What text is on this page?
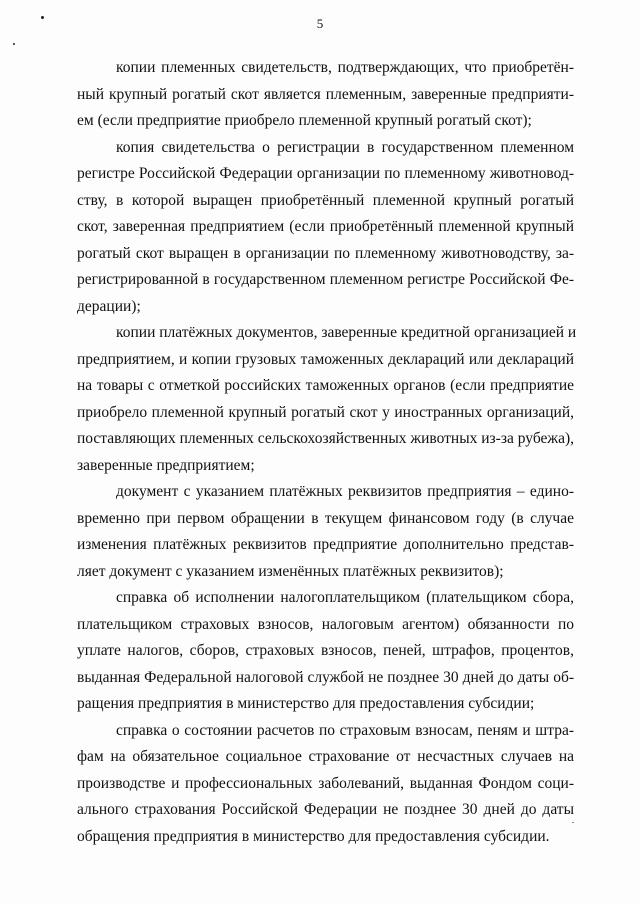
5

копии племенных свидетельств, подтверждающих, что приобретён-
ный крупный рогатый скот является племенным, заверенные предприяти-
ем (если предприятие приобрело племенной крупный рогатый скот);

копия свидетельства о регистрации в государственном племенном
регистре Российской Федерации организации по племенному животновод-
ству, в которой выращен приобретённый племенной крупный рогатый
скот, заверенная предприятием (если приобретённый племенной крупный
рогатый скот выращен в организации по племенному животноводству, за-
регистрированной в государственном племенном регистре Российской Фе-
дерации);

копии платёжных документов, заверенные кредитной организацией и
предприятием, и копии грузовых таможенных деклараций или деклараций
на товары с отметкой российских таможенных органов (если предприятие
приобрело племенной крупный рогатый скот у иностранных организаций,
поставляющих племенных сельскохозяйственных животных из-за рубежа),
заверенные предприятием;

документ с указанием платёжных реквизитов предприятия – едино-
временно при первом обращении в текущем финансовом году (в случае
изменения платёжных реквизитов предприятие дополнительно представ-
ляет документ с указанием изменённых платёжных реквизитов);

справка об исполнении налогоплательщиком (плательщиком сбора,
плательщиком страховых взносов, налоговым агентом) обязанности по
уплате налогов, сборов, страховых взносов, пеней, штрафов, процентов,
выданная Федеральной налоговой службой не позднее 30 дней до даты об-
ращения предприятия в министерство для предоставления субсидии;

справка о состоянии расчетов по страховым взносам, пеням и штра-
фам на обязательное социальное страхование от несчастных случаев на
производстве и профессиональных заболеваний, выданная Фондом соци-
ального страхования Российской Федерации не позднее 30 дней до даты
обращения предприятия в министерство для предоставления субсидии.
